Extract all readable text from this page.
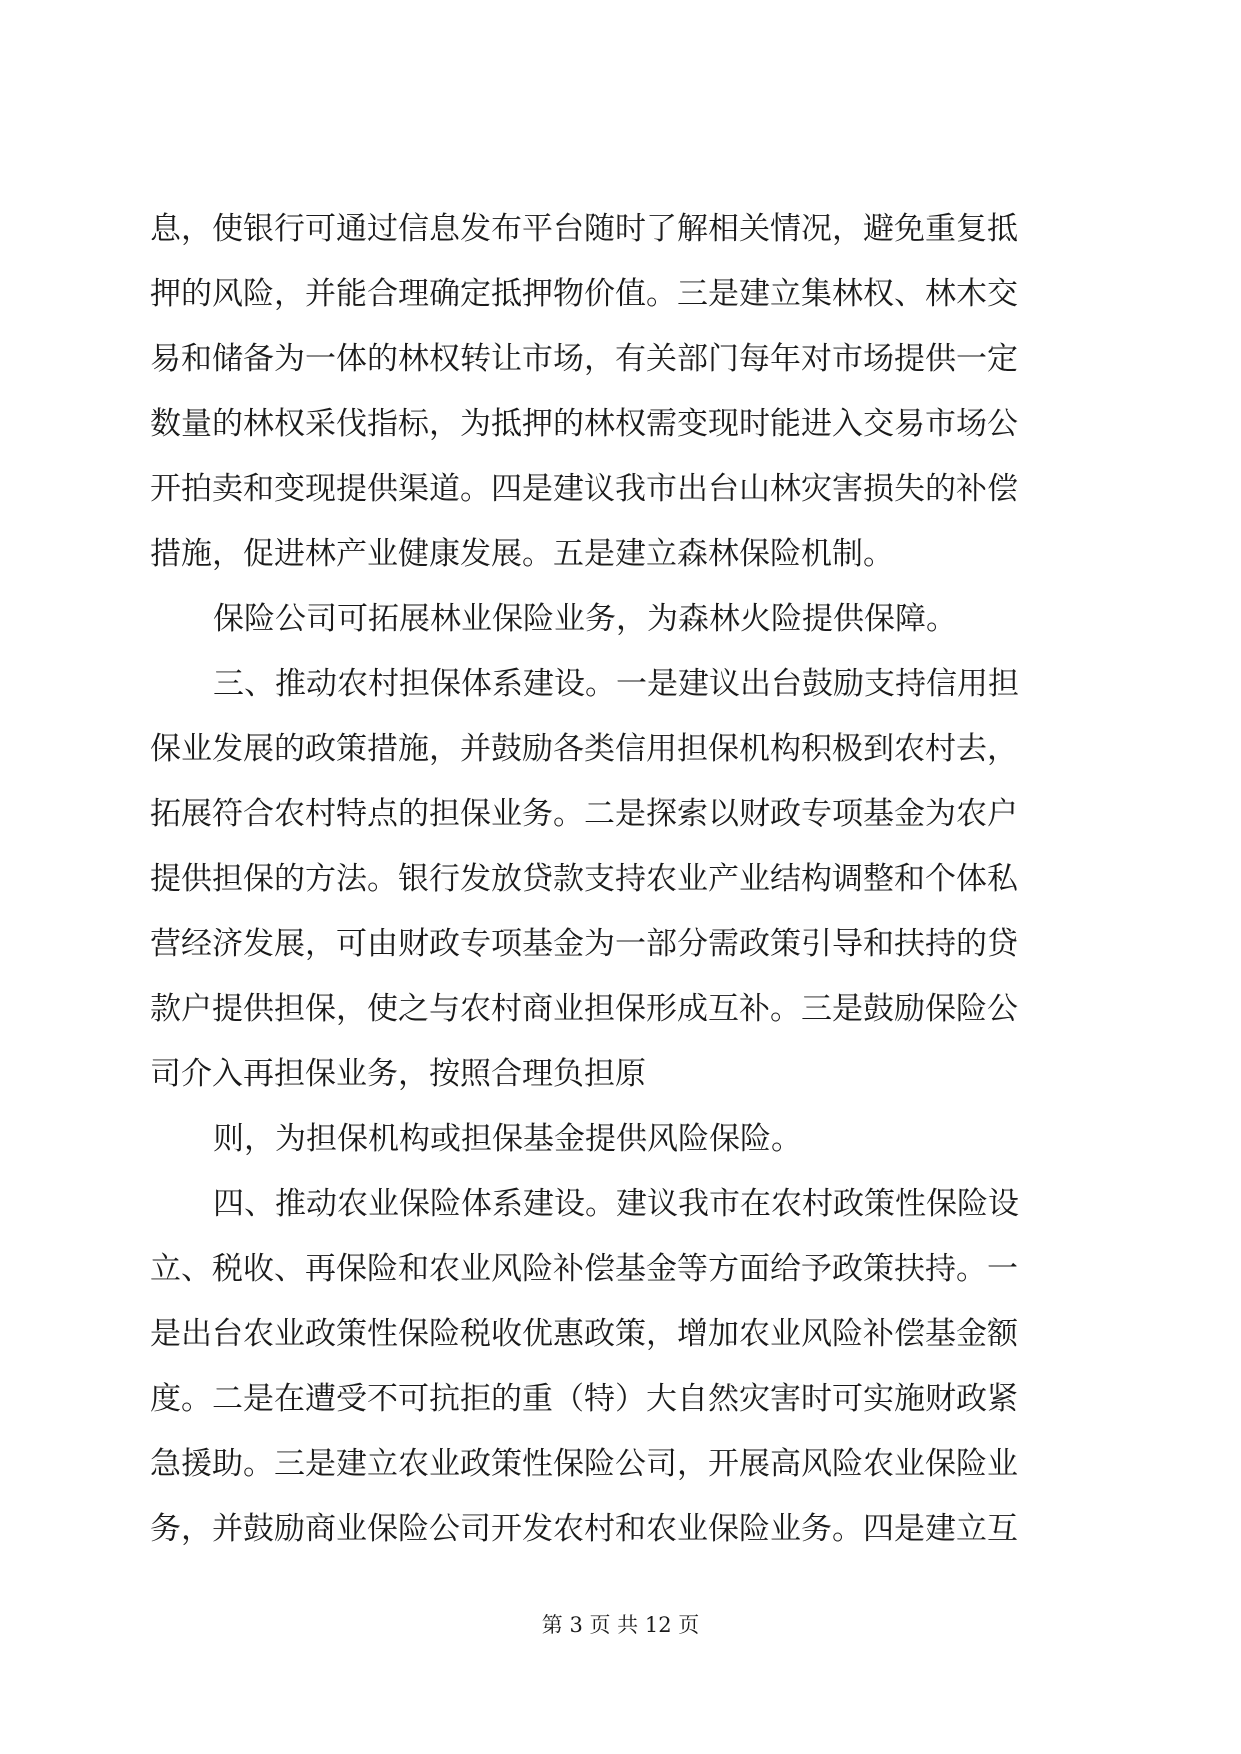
息，使银行可通过信息发布平台随时了解相关情况，避免重复抵
押的风险，并能合理确定抵押物价值。三是建立集林权、林木交
易和储备为一体的林权转让市场，有关部门每年对市场提供一定
数量的林权采伐指标，为抵押的林权需变现时能进入交易市场公
开拍卖和变现提供渠道。四是建议我市出台山林灾害损失的补偿
措施，促进林产业健康发展。五是建立森林保险机制。
保险公司可拓展林业保险业务，为森林火险提供保障。
三、推动农村担保体系建设。一是建议出台鼓励支持信用担
保业发展的政策措施，并鼓励各类信用担保机构积极到农村去，
拓展符合农村特点的担保业务。二是探索以财政专项基金为农户
提供担保的方法。银行发放贷款支持农业产业结构调整和个体私
营经济发展，可由财政专项基金为一部分需政策引导和扶持的贷
款户提供担保，使之与农村商业担保形成互补。三是鼓励保险公
司介入再担保业务，按照合理负担原
则，为担保机构或担保基金提供风险保险。
四、推动农业保险体系建设。建议我市在农村政策性保险设
立、税收、再保险和农业风险补偿基金等方面给予政策扶持。一
是出台农业政策性保险税收优惠政策，增加农业风险补偿基金额
度。二是在遭受不可抗拒的重（特）大自然灾害时可实施财政紧
急援助。三是建立农业政策性保险公司，开展高风险农业保险业
务，并鼓励商业保险公司开发农村和农业保险业务。四是建立互
第 3 页 共 12 页
